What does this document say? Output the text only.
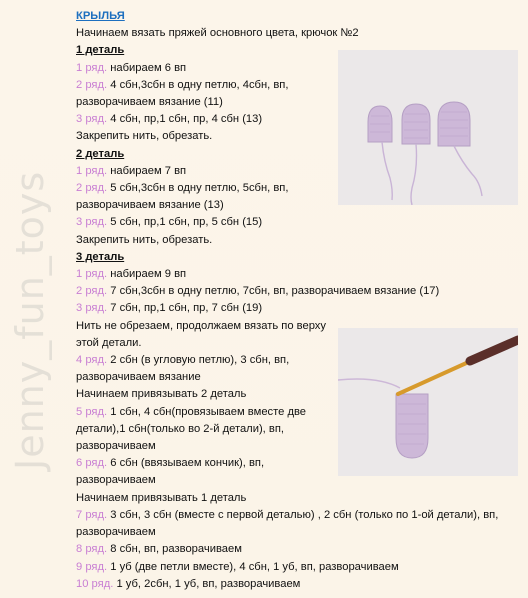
Jenny_fun_toys
КРЫЛЬЯ
Начинаем вязать пряжей основного цвета, крючок №2
1 деталь
1 ряд. набираем 6 вп
2 ряд. 4 сбн,3сбн в одну петлю, 4сбн, вп, разворачиваем вязание (11)
3 ряд. 4 сбн, пр,1 сбн, пр, 4 сбн (13)
Закрепить нить, обрезать.
2 деталь
1 ряд. набираем 7 вп
2 ряд. 5 сбн,3сбн в одну петлю, 5сбн, вп, разворачиваем вязание (13)
3 ряд. 5 сбн, пр,1 сбн, пр, 5 сбн (15)
Закрепить нить, обрезать.
3 деталь
1 ряд. набираем 9 вп
2 ряд. 7 сбн,3сбн в одну петлю, 7сбн, вп, разворачиваем вязание (17)
3 ряд. 7 сбн, пр,1 сбн, пр, 7 сбн (19)
Нить не обрезаем, продолжаем вязать по верху этой детали.
4 ряд. 2 сбн (в угловую петлю), 3 сбн, вп, разворачиваем вязание
Начинаем привязывать 2 деталь
5 ряд. 1 сбн, 4 сбн(провязываем вместе две детали),1 сбн(только во 2-й детали), вп, разворачиваем
6 ряд. 6 сбн (ввязываем кончик), вп, разворачиваем
Начинаем привязывать 1 деталь
7 ряд. 3 сбн, 3 сбн (вместе с первой деталью) , 2 сбн (только по 1-ой детали), вп, разворачиваем
8 ряд. 8 сбн, вп, разворачиваем
9 ряд. 1 уб (две петли вместе), 4 сбн, 1 уб, вп, разворачиваем
10 ряд. 1 уб, 2сбн, 1 уб, вп, разворачиваем
